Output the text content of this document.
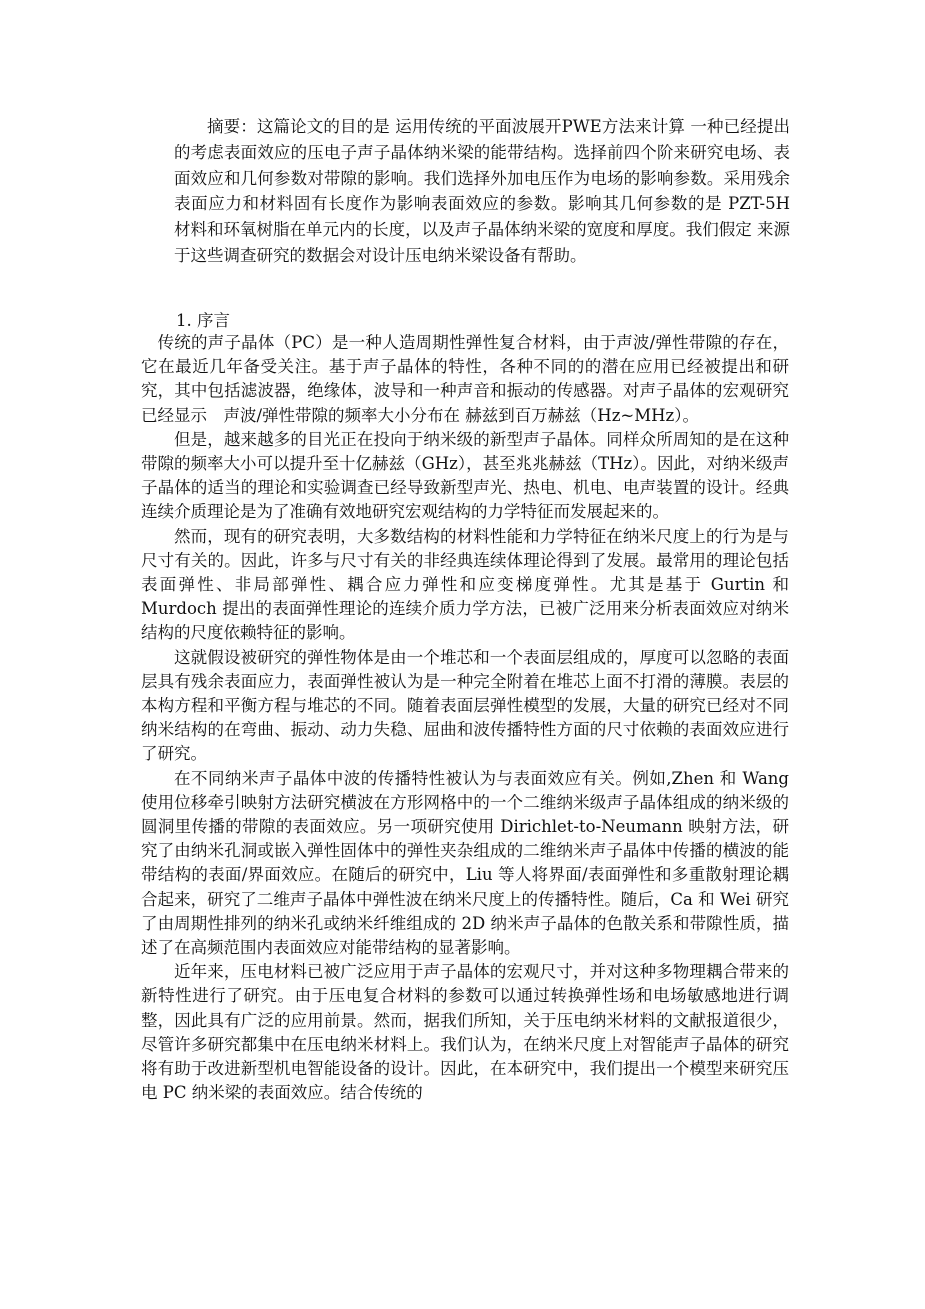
摘要：这篇论文的目的是 运用传统的平面波展开PWE方法来计算 一种已经提出的考虑表面效应的压电子声子晶体纳米梁的能带结构。选择前四个阶来研究电场、表面效应和几何参数对带隙的影响。我们选择外加电压作为电场的影响参数。采用残余表面应力和材料固有长度作为影响表面效应的参数。影响其几何参数的是 PZT-5H 材料和环氧树脂在单元内的长度，以及声子晶体纳米梁的宽度和厚度。我们假定 来源于这些调查研究的数据会对设计压电纳米梁设备有帮助。

1. 序言

传统的声子晶体（PC）是一种人造周期性弹性复合材料，由于声波/弹性带隙的存在，它在最近几年备受关注。基于声子晶体的特性，各种不同的的潜在应用已经被提出和研究，其中包括滤波器，绝缘体，波导和一种声音和振动的传感器。对声子晶体的宏观研究已经显示　声波/弹性带隙的频率大小分布在 赫兹到百万赫兹（Hz~MHz）。

但是，越来越多的目光正在投向于纳米级的新型声子晶体。同样众所周知的是在这种带隙的频率大小可以提升至十亿赫兹（GHz），甚至兆兆赫兹（THz）。因此，对纳米级声子晶体的适当的理论和实验调查已经导致新型声光、热电、机电、电声装置的设计。经典连续介质理论是为了准确有效地研究宏观结构的力学特征而发展起来的。

然而，现有的研究表明，大多数结构的材料性能和力学特征在纳米尺度上的行为是与尺寸有关的。因此，许多与尺寸有关的非经典连续体理论得到了发展。最常用的理论包括表面弹性、非局部弹性、耦合应力弹性和应变梯度弹性。尤其是基于 Gurtin 和 Murdoch 提出的表面弹性理论的连续介质力学方法，已被广泛用来分析表面效应对纳米结构的尺度依赖特征的影响。

这就假设被研究的弹性物体是由一个堆芯和一个表面层组成的，厚度可以忽略的表面层具有残余表面应力，表面弹性被认为是一种完全附着在堆芯上面不打滑的薄膜。表层的本构方程和平衡方程与堆芯的不同。随着表面层弹性模型的发展，大量的研究已经对不同纳米结构的在弯曲、振动、动力失稳、屈曲和波传播特性方面的尺寸依赖的表面效应进行了研究。

在不同纳米声子晶体中波的传播特性被认为与表面效应有关。例如,Zhen 和 Wang 使用位移牵引映射方法研究横波在方形网格中的一个二维纳米级声子晶体组成的纳米级的圆洞里传播的带隙的表面效应。另一项研究使用 Dirichlet-to-Neumann 映射方法，研究了由纳米孔洞或嵌入弹性固体中的弹性夹杂组成的二维纳米声子晶体中传播的横波的能带结构的表面/界面效应。在随后的研究中，Liu 等人将界面/表面弹性和多重散射理论耦合起来，研究了二维声子晶体中弹性波在纳米尺度上的传播特性。随后，Ca 和 Wei 研究了由周期性排列的纳米孔或纳米纤维组成的 2D 纳米声子晶体的色散关系和带隙性质，描述了在高频范围内表面效应对能带结构的显著影响。

近年来，压电材料已被广泛应用于声子晶体的宏观尺寸，并对这种多物理耦合带来的新特性进行了研究。由于压电复合材料的参数可以通过转换弹性场和电场敏感地进行调整，因此具有广泛的应用前景。然而，据我们所知，关于压电纳米材料的文献报道很少，尽管许多研究都集中在压电纳米材料上。我们认为，在纳米尺度上对智能声子晶体的研究将有助于改进新型机电智能设备的设计。因此，在本研究中，我们提出一个模型来研究压电 PC 纳米梁的表面效应。结合传统的
